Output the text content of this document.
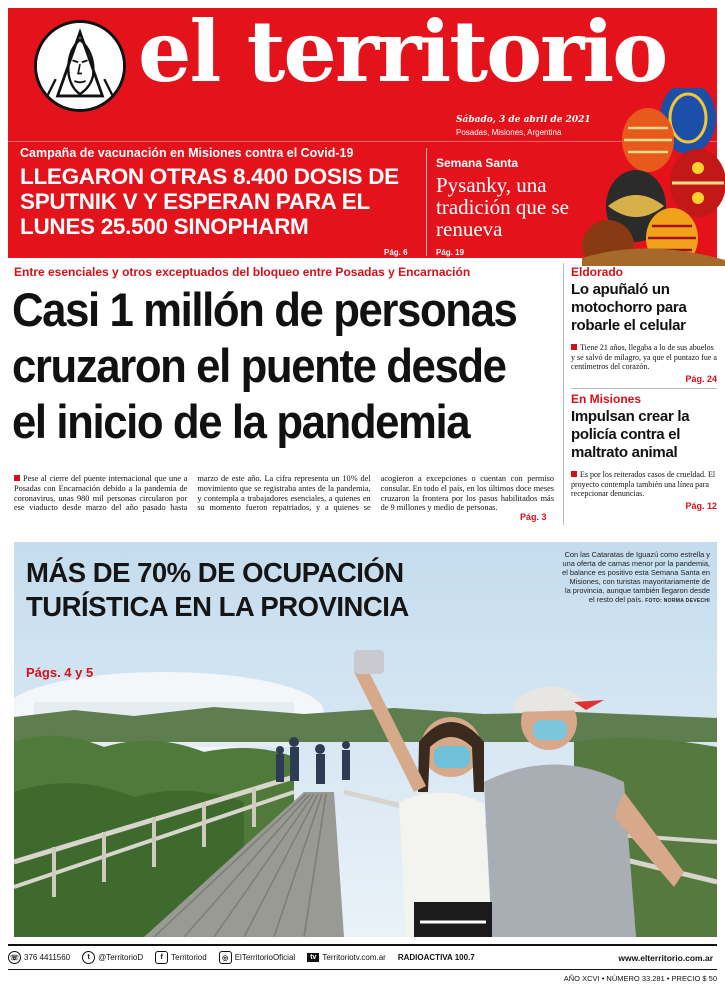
el territorio
Sábado, 3 de abril de 2021
Posadas, Misiones, Argentina
Campaña de vacunación en Misiones contra el Covid-19
LLEGARON OTRAS 8.400 DOSIS DE SPUTNIK V Y ESPERAN PARA EL LUNES 25.500 SINOPHARM
Pág. 6
Semana Santa
Pysanky, una tradición que se renueva
Pág. 19
Entre esenciales y otros exceptuados del bloqueo entre Posadas y Encarnación
Casi 1 millón de personas
cruzaron el puente desde
el inicio de la pandemia
Pese al cierre del puente internacional que une a Posadas con Encarnación debido a la pandemia de coronavirus, unas 980 mil personas circularon por ese viaducto desde marzo del año pasado hasta marzo de este año. La cifra representa un 10% del movimiento que se registraba antes de la pandemia, y contempla a trabajadores esenciales, a quienes en su momento fueron repatriados, y a quienes se acogieron a excepciones o cuentan con permiso consular. En todo el país, en los últimos doce meses cruzaron la frontera por los pasos habilitados más de 9 millones y medio de personas.
Pág. 3
Eldorado
Lo apuñaló un motochorro para robarle el celular
Tiene 21 años, llegaba a lo de sus abuelos y se salvó de milagro, ya que el puntazo fue a centímetros del corazón.
Pág. 24
En Misiones
Impulsan crear la policía contra el maltrato animal
Es por los reiterados casos de crueldad. El proyecto contempla también una línea para recepcionar denuncias.
Pág. 12
MÁS DE 70% DE OCUPACIÓN TURÍSTICA EN LA PROVINCIA
Págs. 4 y 5
Con las Cataratas de Iguazú como estrella y una oferta de camas menor por la pandemia, el balance es positivo esta Semana Santa en Misiones, con turistas mayoritariamente de la provincia, aunque también llegaron desde el resto del país. FOTO: NORMA DEVECHI
☏ 376 4411560	t	@TerritorioD	f	Territoriod	◎ ElTerritorioOficial	tv Territoriotv.com.ar RADIOACTIVA 100.7	www.elterritorio.com.ar
AÑO XCVI • NÚMERO 33.281 • PRECIO $ 50
